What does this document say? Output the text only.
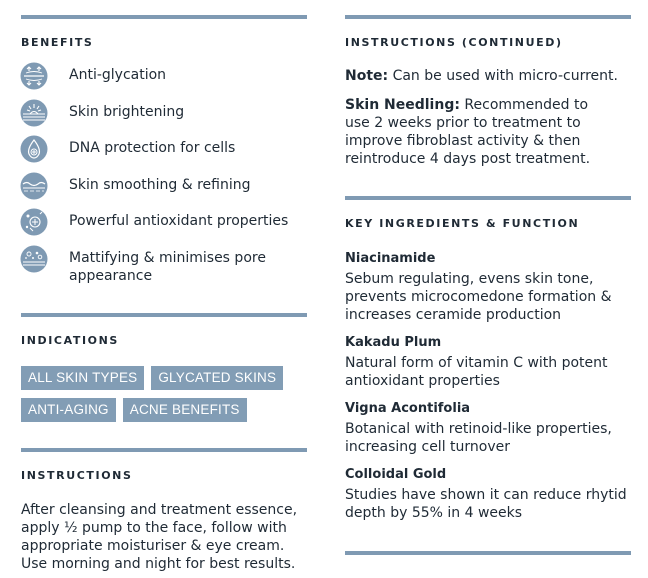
BENEFITS
Anti-glycation
Skin brightening
DNA protection for cells
Skin smoothing & refining
Powerful antioxidant properties
Mattifying & minimises pore appearance
INDICATIONS
ALL SKIN TYPES	GLYCATED SKINS
ANTI-AGING	ACNE BENEFITS
INSTRUCTIONS
After cleansing and treatment essence, apply ½ pump to the face, follow with appropriate moisturiser & eye cream. Use morning and night for best results.
INSTRUCTIONS (CONTINUED)
Note: Can be used with micro-current.
Skin Needling: Recommended to use 2 weeks prior to treatment to improve fibroblast activity & then reintroduce 4 days post treatment.
KEY INGREDIENTS & FUNCTION
Niacinamide
Sebum regulating, evens skin tone, prevents microcomedone formation & increases ceramide production
Kakadu Plum
Natural form of vitamin C with potent antioxidant properties
Vigna Acontifolia
Botanical with retinoid-like properties, increasing cell turnover
Colloidal Gold
Studies have shown it can reduce rhytid depth by 55% in 4 weeks
